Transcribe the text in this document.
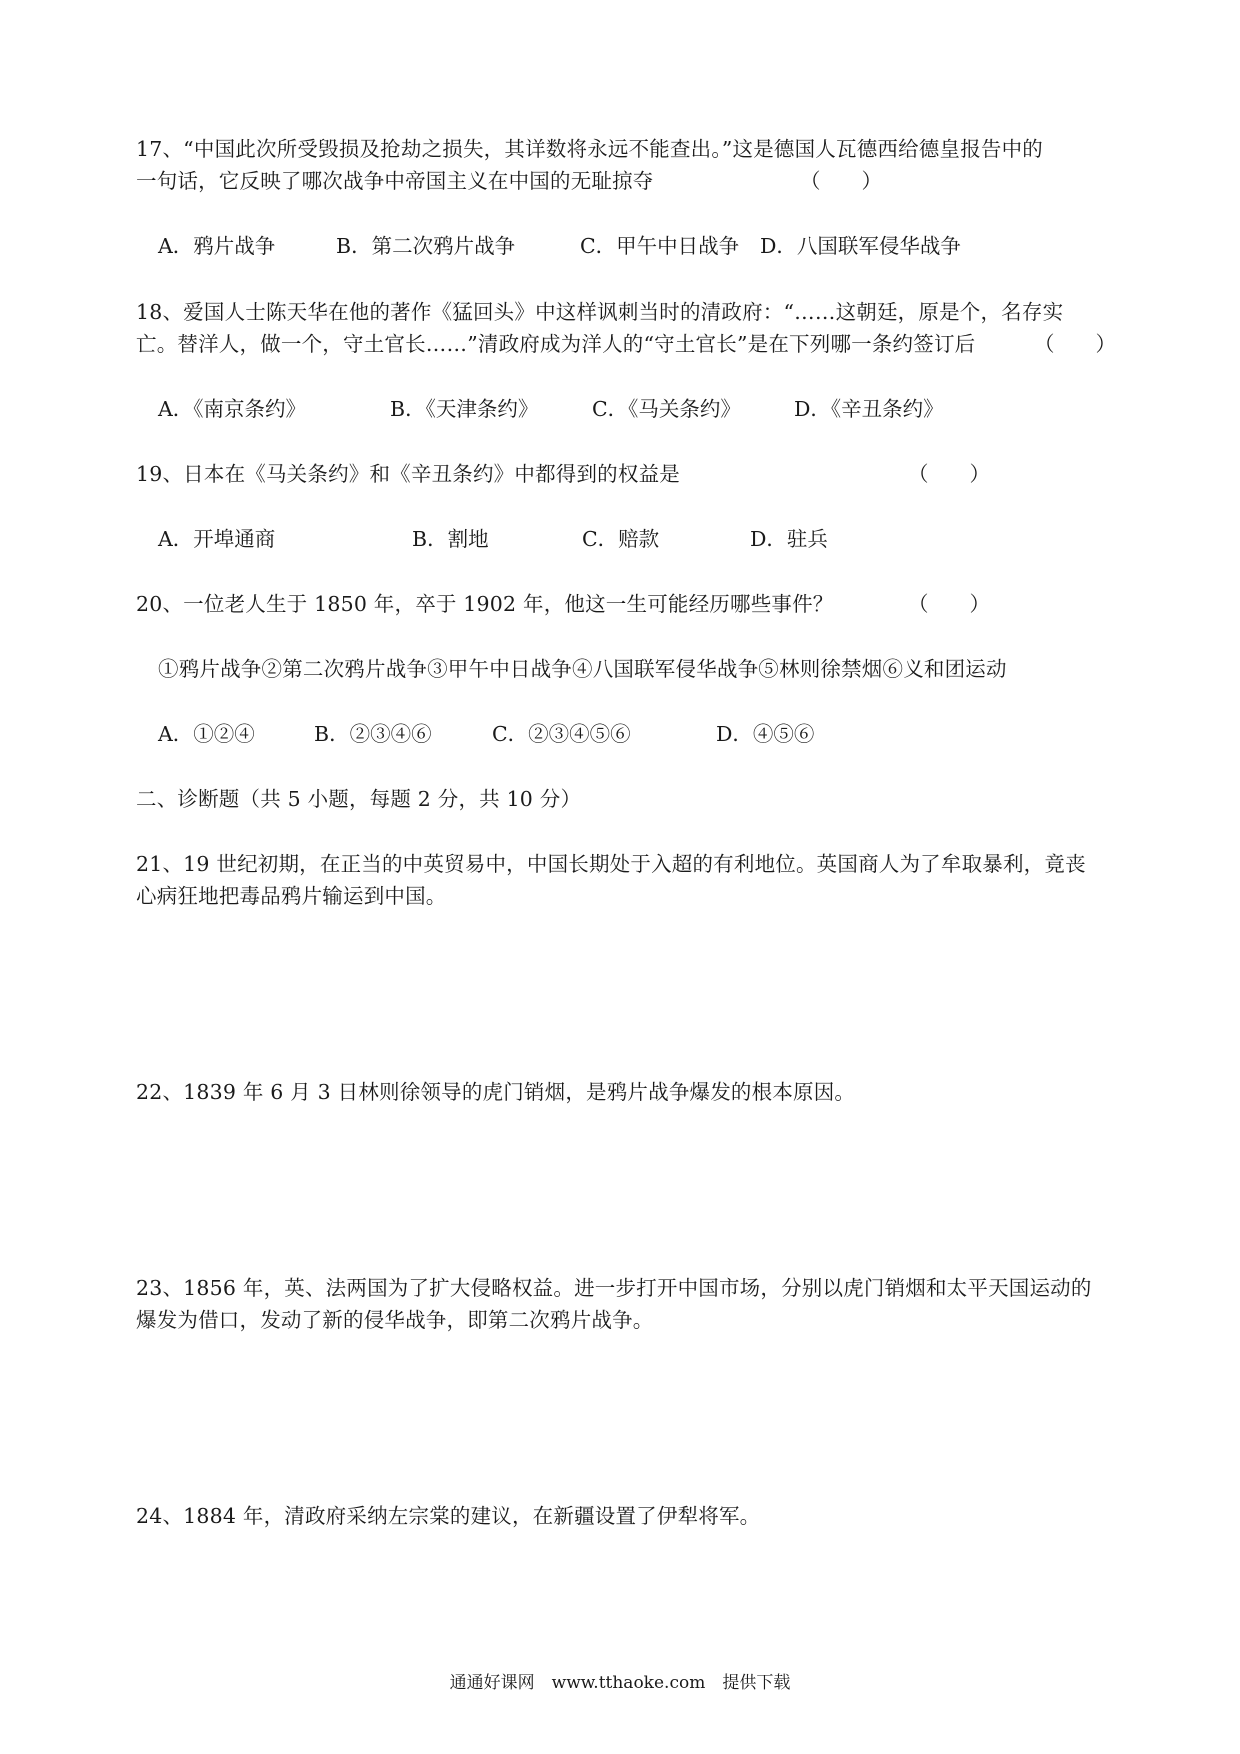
17、“中国此次所受毁损及抢劫之损失，其详数将永远不能查出。”这是德国人瓦德西给德皇报告中的
一句话，它反映了哪次战争中帝国主义在中国的无耻掠夺	（　　）
A．鸦片战争	B．第二次鸦片战争	C．甲午中日战争 D．八国联军侵华战争
18、爱国人士陈天华在他的著作《猛回头》中这样讽刺当时的清政府：“……这朝廷，原是个，名存实
亡。替洋人，做一个，守土官长……”清政府成为洋人的“守土官长”是在下列哪一条约签订后	（　　）
A．《南京条约》	B．《天津条约》	C．《马关条约》	D．《辛丑条约》
19、日本在《马关条约》和《辛丑条约》中都得到的权益是	（　　）
A．开埠通商	B．割地	C．赔款	D．驻兵
20、一位老人生于 1850 年，卒于 1902 年，他这一生可能经历哪些事件？	（　　）
①鸦片战争②第二次鸦片战争③甲午中日战争④八国联军侵华战争⑤林则徐禁烟⑥义和团运动
A．①②④	B．②③④⑥	C．②③④⑤⑥	D．④⑤⑥
二、诊断题（共 5 小题，每题 2 分，共 10 分）
21、19 世纪初期，在正当的中英贸易中，中国长期处于入超的有利地位。英国商人为了牟取暴利，竟丧
心病狂地把毒品鸦片输运到中国。
22、1839 年 6 月 3 日林则徐领导的虎门销烟，是鸦片战争爆发的根本原因。
23、1856 年，英、法两国为了扩大侵略权益。进一步打开中国市场，分别以虎门销烟和太平天国运动的
爆发为借口，发动了新的侵华战争，即第二次鸦片战争。
24、1884 年，清政府采纳左宗棠的建议，在新疆设置了伊犁将军。
通通好课网　www.tthaoke.com　提供下载
